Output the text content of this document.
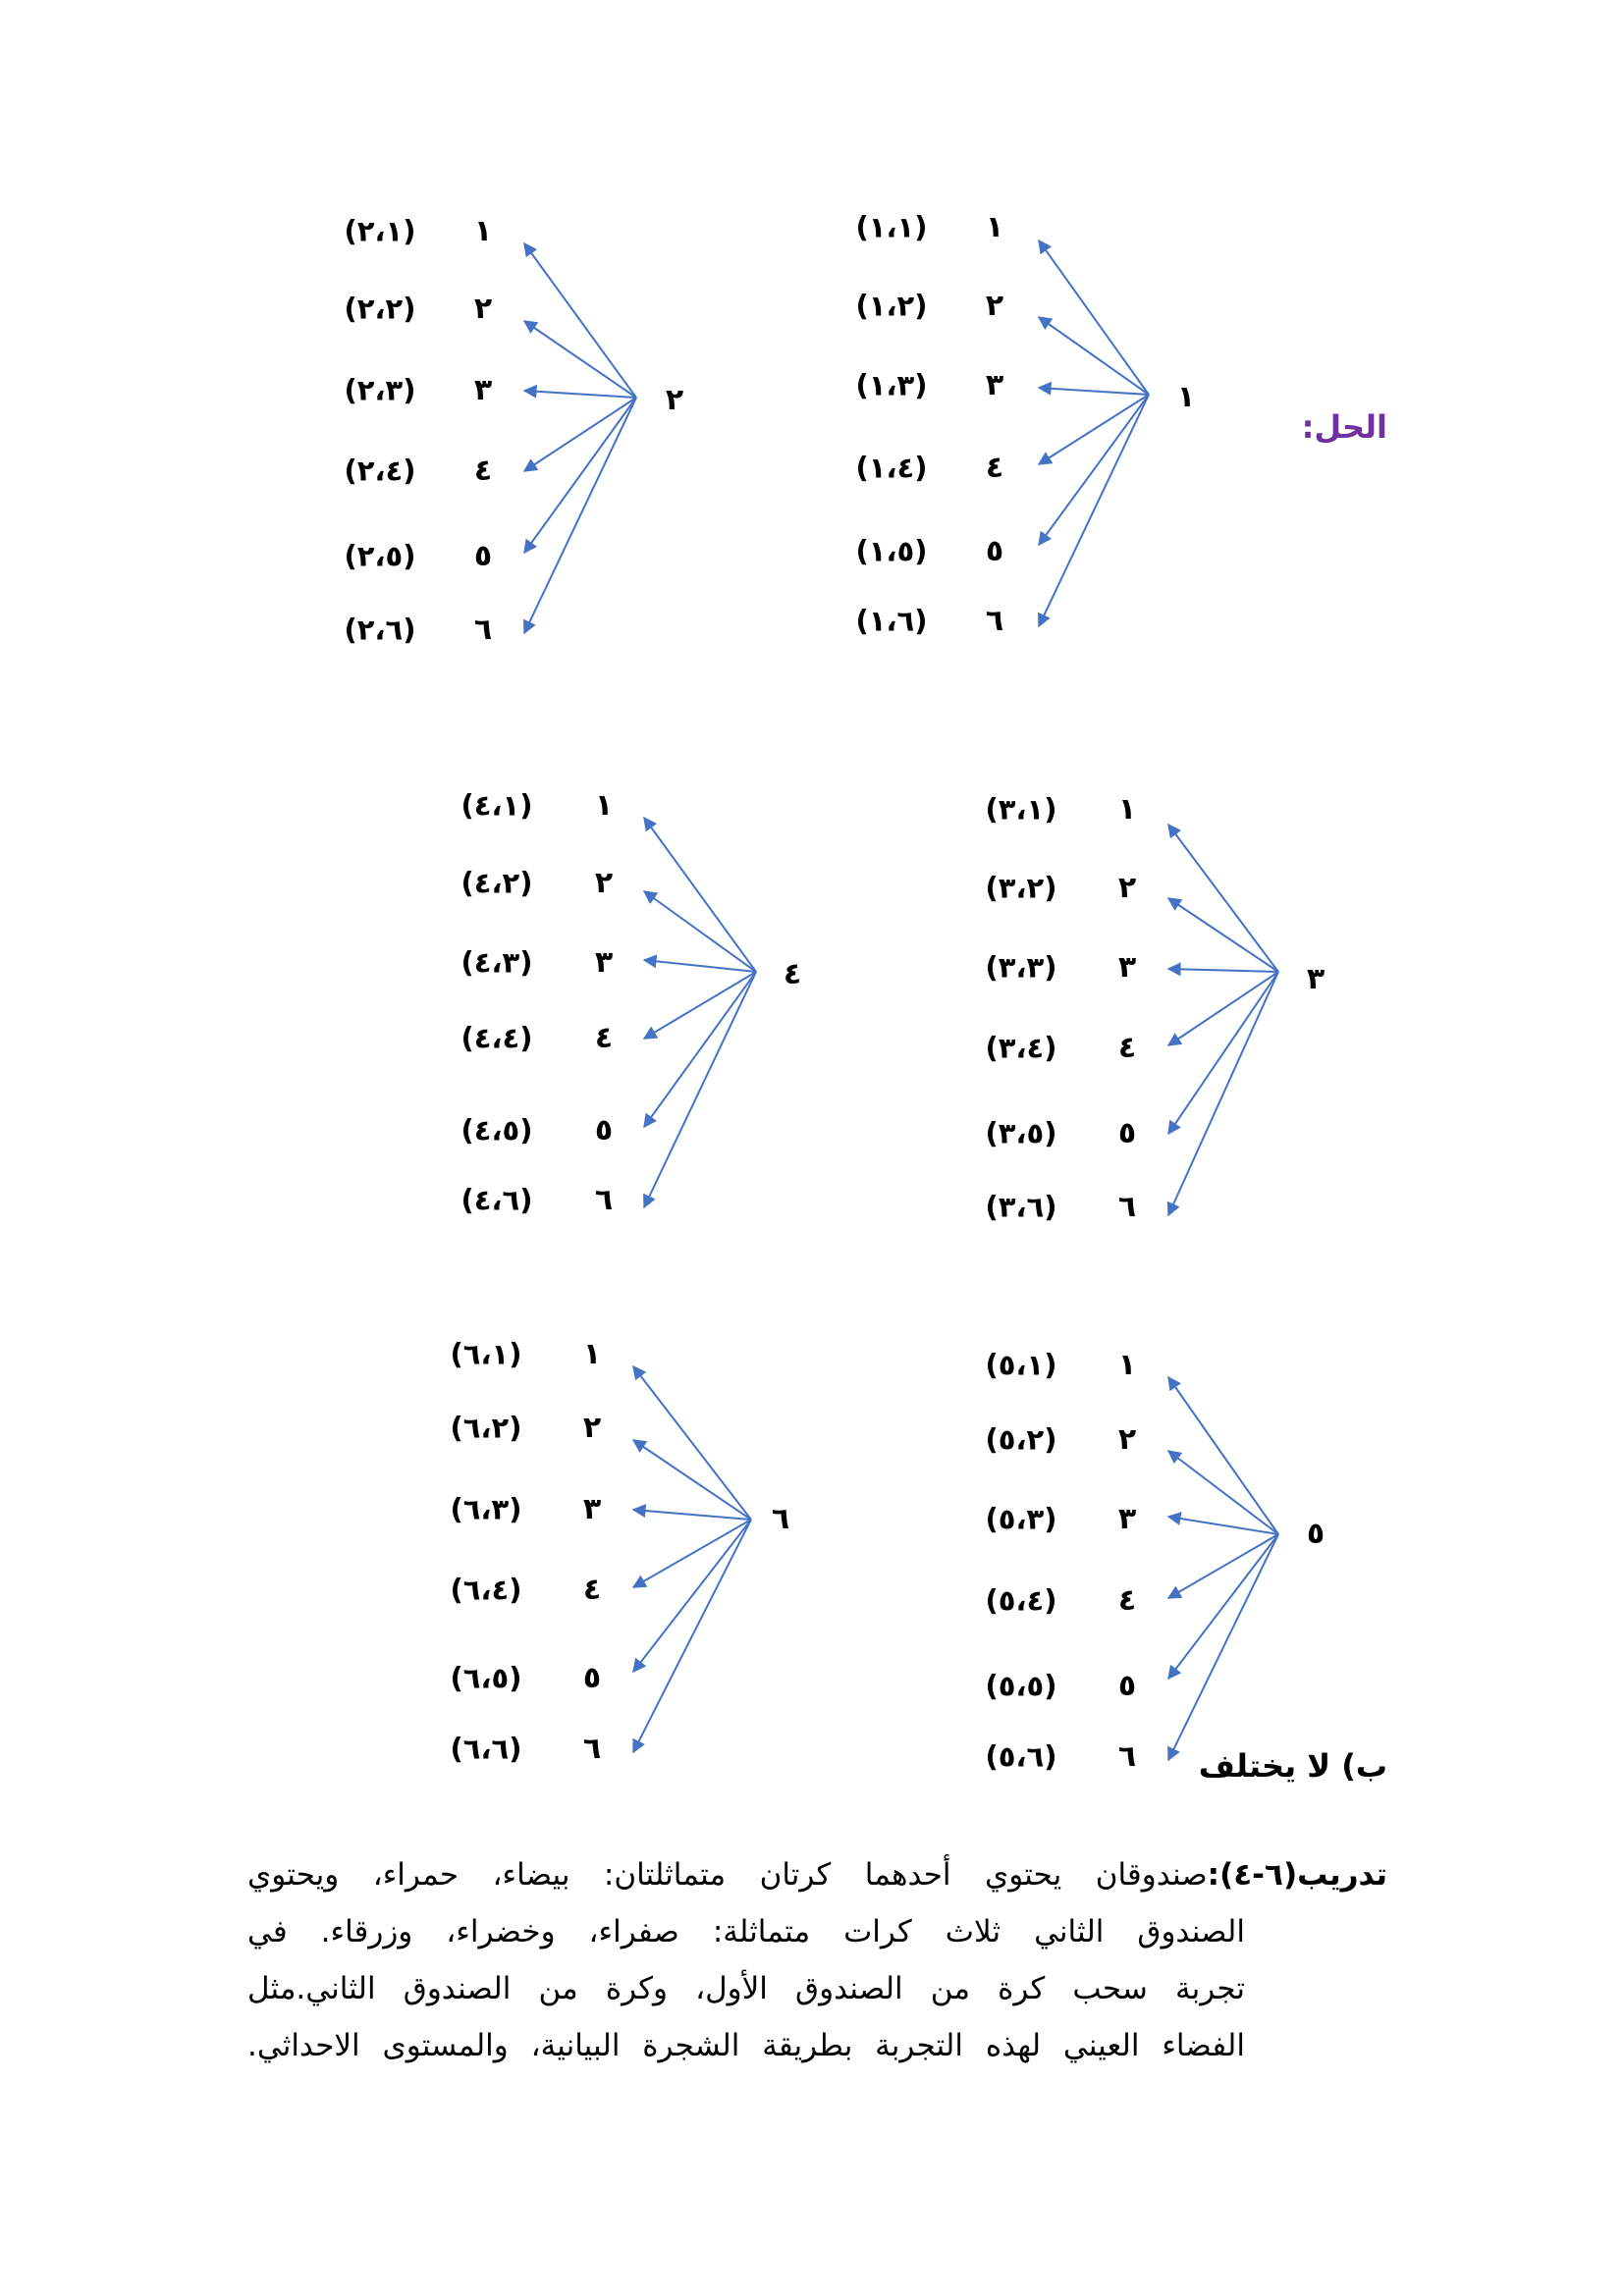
١
١
(١،١)
٢
(١،٢)
٣
(١،٣)
٤
(١،٤)
٥
(١،٥)
٦
(١،٦)
٢
١
(٢،١)
٢
(٢،٢)
٣
(٢،٣)
٤
(٢،٤)
٥
(٢،٥)
٦
(٢،٦)
٣
١
(٣،١)
٢
(٣،٢)
٣
(٣،٣)
٤
(٣،٤)
٥
(٣،٥)
٦
(٣،٦)
٤
١
(٤،١)
٢
(٤،٢)
٣
(٤،٣)
٤
(٤،٤)
٥
(٤،٥)
٦
(٤،٦)
٥
١
(٥،١)
٢
(٥،٢)
٣
(٥،٣)
٤
(٥،٤)
٥
(٥،٥)
٦
(٥،٦)
٦
١
(٦،١)
٢
(٦،٢)
٣
(٦،٣)
٤
(٦،٤)
٥
(٦،٥)
٦
(٦،٦)
الحل:
ب) لا يختلف
تدريب(٦-٤):صندوقان يحتوي أحدهما كرتان متماثلتان: بيضاء، حمراء، ويحتوي
الصندوق الثاني ثلاث كرات متماثلة: صفراء، وخضراء، وزرقاء. في
تجربة سحب كرة من الصندوق الأول، وكرة من الصندوق الثاني.مثل
الفضاء العيني لهذه التجربة بطريقة الشجرة البيانية، والمستوى الاحداثي.
